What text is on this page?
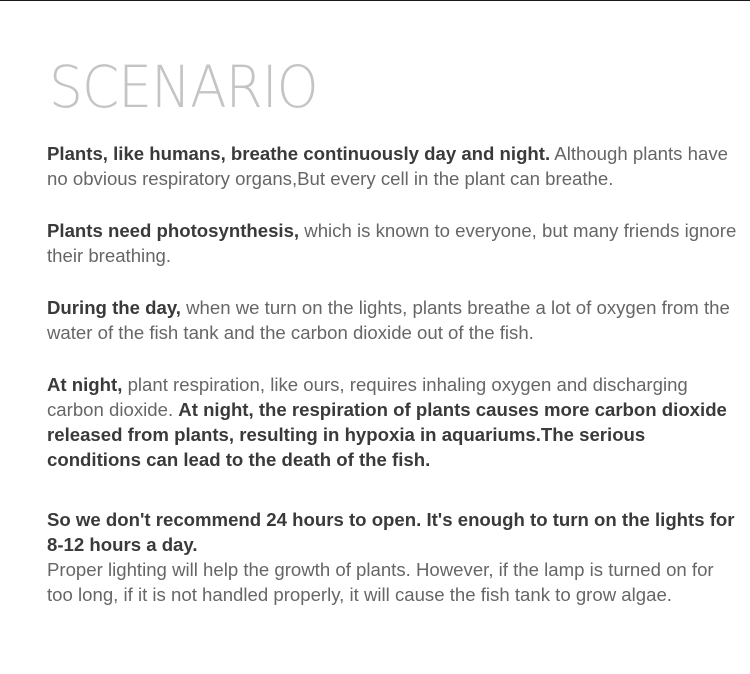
SCENARIO

Plants, like humans, breathe continuously day and night. Although plants have no obvious respiratory organs,But every cell in the plant can breathe.

Plants need photosynthesis, which is known to everyone, but many friends ignore their breathing.

During the day, when we turn on the lights, plants breathe a lot of oxygen from the water of the fish tank and the carbon dioxide out of the fish.

At night, plant respiration, like ours, requires inhaling oxygen and discharging carbon dioxide. At night, the respiration of plants causes more carbon dioxide released from plants, resulting in hypoxia in aquariums.The serious conditions can lead to the death of the fish.

So we don't recommend 24 hours to open. It's enough to turn on the lights for 8-12 hours a day.
Proper lighting will help the growth of plants. However, if the lamp is turned on for too long, if it is not handled properly, it will cause the fish tank to grow algae.
